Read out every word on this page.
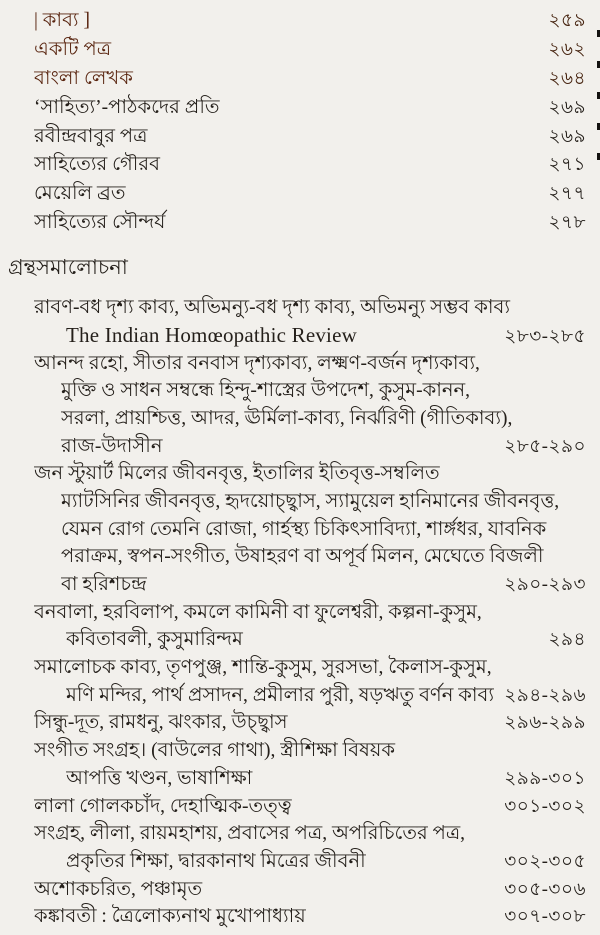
| কাব্য ]	২৫৯
একটি পত্র	২৬২
বাংলা লেখক	২৬৪
‘সাহিত্য’-পাঠকদের প্রতি	২৬৯
রবীন্দ্রবাবুর পত্র	২৬৯
সাহিত্যের গৌরব	২৭১
মেয়েলি ব্রত	২৭৭
সাহিত্যের সৌন্দর্য	২৭৮
গ্রন্থসমালোচনা
রাবণ-বধ দৃশ্য কাব্য, অভিমন্যু-বধ দৃশ্য কাব্য, অভিমন্যু সম্ভব কাব্য
The Indian Homœopathic Review	২৮৩-২৮৫
আনন্দ রহো, সীতার বনবাস দৃশ্যকাব্য, লক্ষ্মণ-বর্জন দৃশ্যকাব্য,
মুক্তি ও সাধন সম্বন্ধে হিন্দু-শাস্ত্রের উপদেশ, কুসুম-কানন,
সরলা, প্রায়শ্চিত্ত, আদর, ঊর্মিলা-কাব্য, নির্ঝরিণী (গীতিকাব্য),
রাজ-উদাসীন	২৮৫-২৯০
জন স্টুয়ার্ট মিলের জীবনবৃত্ত, ইতালির ইতিবৃত্ত-সম্বলিত
ম্যাটসিনির জীবনবৃত্ত, হৃদয়োচ্ছ্বাস, স্যামুয়েল হানিমানের জীবনবৃত্ত,
যেমন রোগ তেমনি রোজা, গার্হস্থ্য চিকিৎসাবিদ্যা, শার্ঙ্গধর, যাবনিক
পরাক্রম, স্বপন-সংগীত, উষাহরণ বা অপূর্ব মিলন, মেঘেতে বিজলী
বা হরিশচন্দ্র	২৯০-২৯৩
বনবালা, হরবিলাপ, কমলে কামিনী বা ফুলেশ্বরী, কল্পনা-কুসুম,
কবিতাবলী, কুসুমারিন্দম	২৯৪
সমালোচক কাব্য, তৃণপুঞ্জ, শান্তি-কুসুম, সুরসভা, কৈলাস-কুসুম,
মণি মন্দির, পার্থ প্রসাদন, প্রমীলার পুরী, ষড়ঋতু বর্ণন কাব্য ২৯৪-২৯৬
সিন্ধু-দূত, রামধনু, ঝংকার, উচ্ছ্বাস	২৯৬-২৯৯
সংগীত সংগ্রহ। (বাউলের গাথা), স্ত্রীশিক্ষা বিষয়ক
আপত্তি খণ্ডন, ভাষাশিক্ষা	২৯৯-৩০১
লালা গোলকচাঁদ, দেহাত্মিক-তত্ত্ব	৩০১-৩০২
সংগ্রহ, লীলা, রায়মহাশয়, প্রবাসের পত্র, অপরিচিতের পত্র,
প্রকৃতির শিক্ষা, দ্বারকানাথ মিত্রের জীবনী	৩০২-৩০৫
অশোকচরিত, পঞ্চামৃত	৩০৫-৩০৬
কঙ্কাবতী : ত্রৈলোক্যনাথ মুখোপাধ্যায়	৩০৭-৩০৮
